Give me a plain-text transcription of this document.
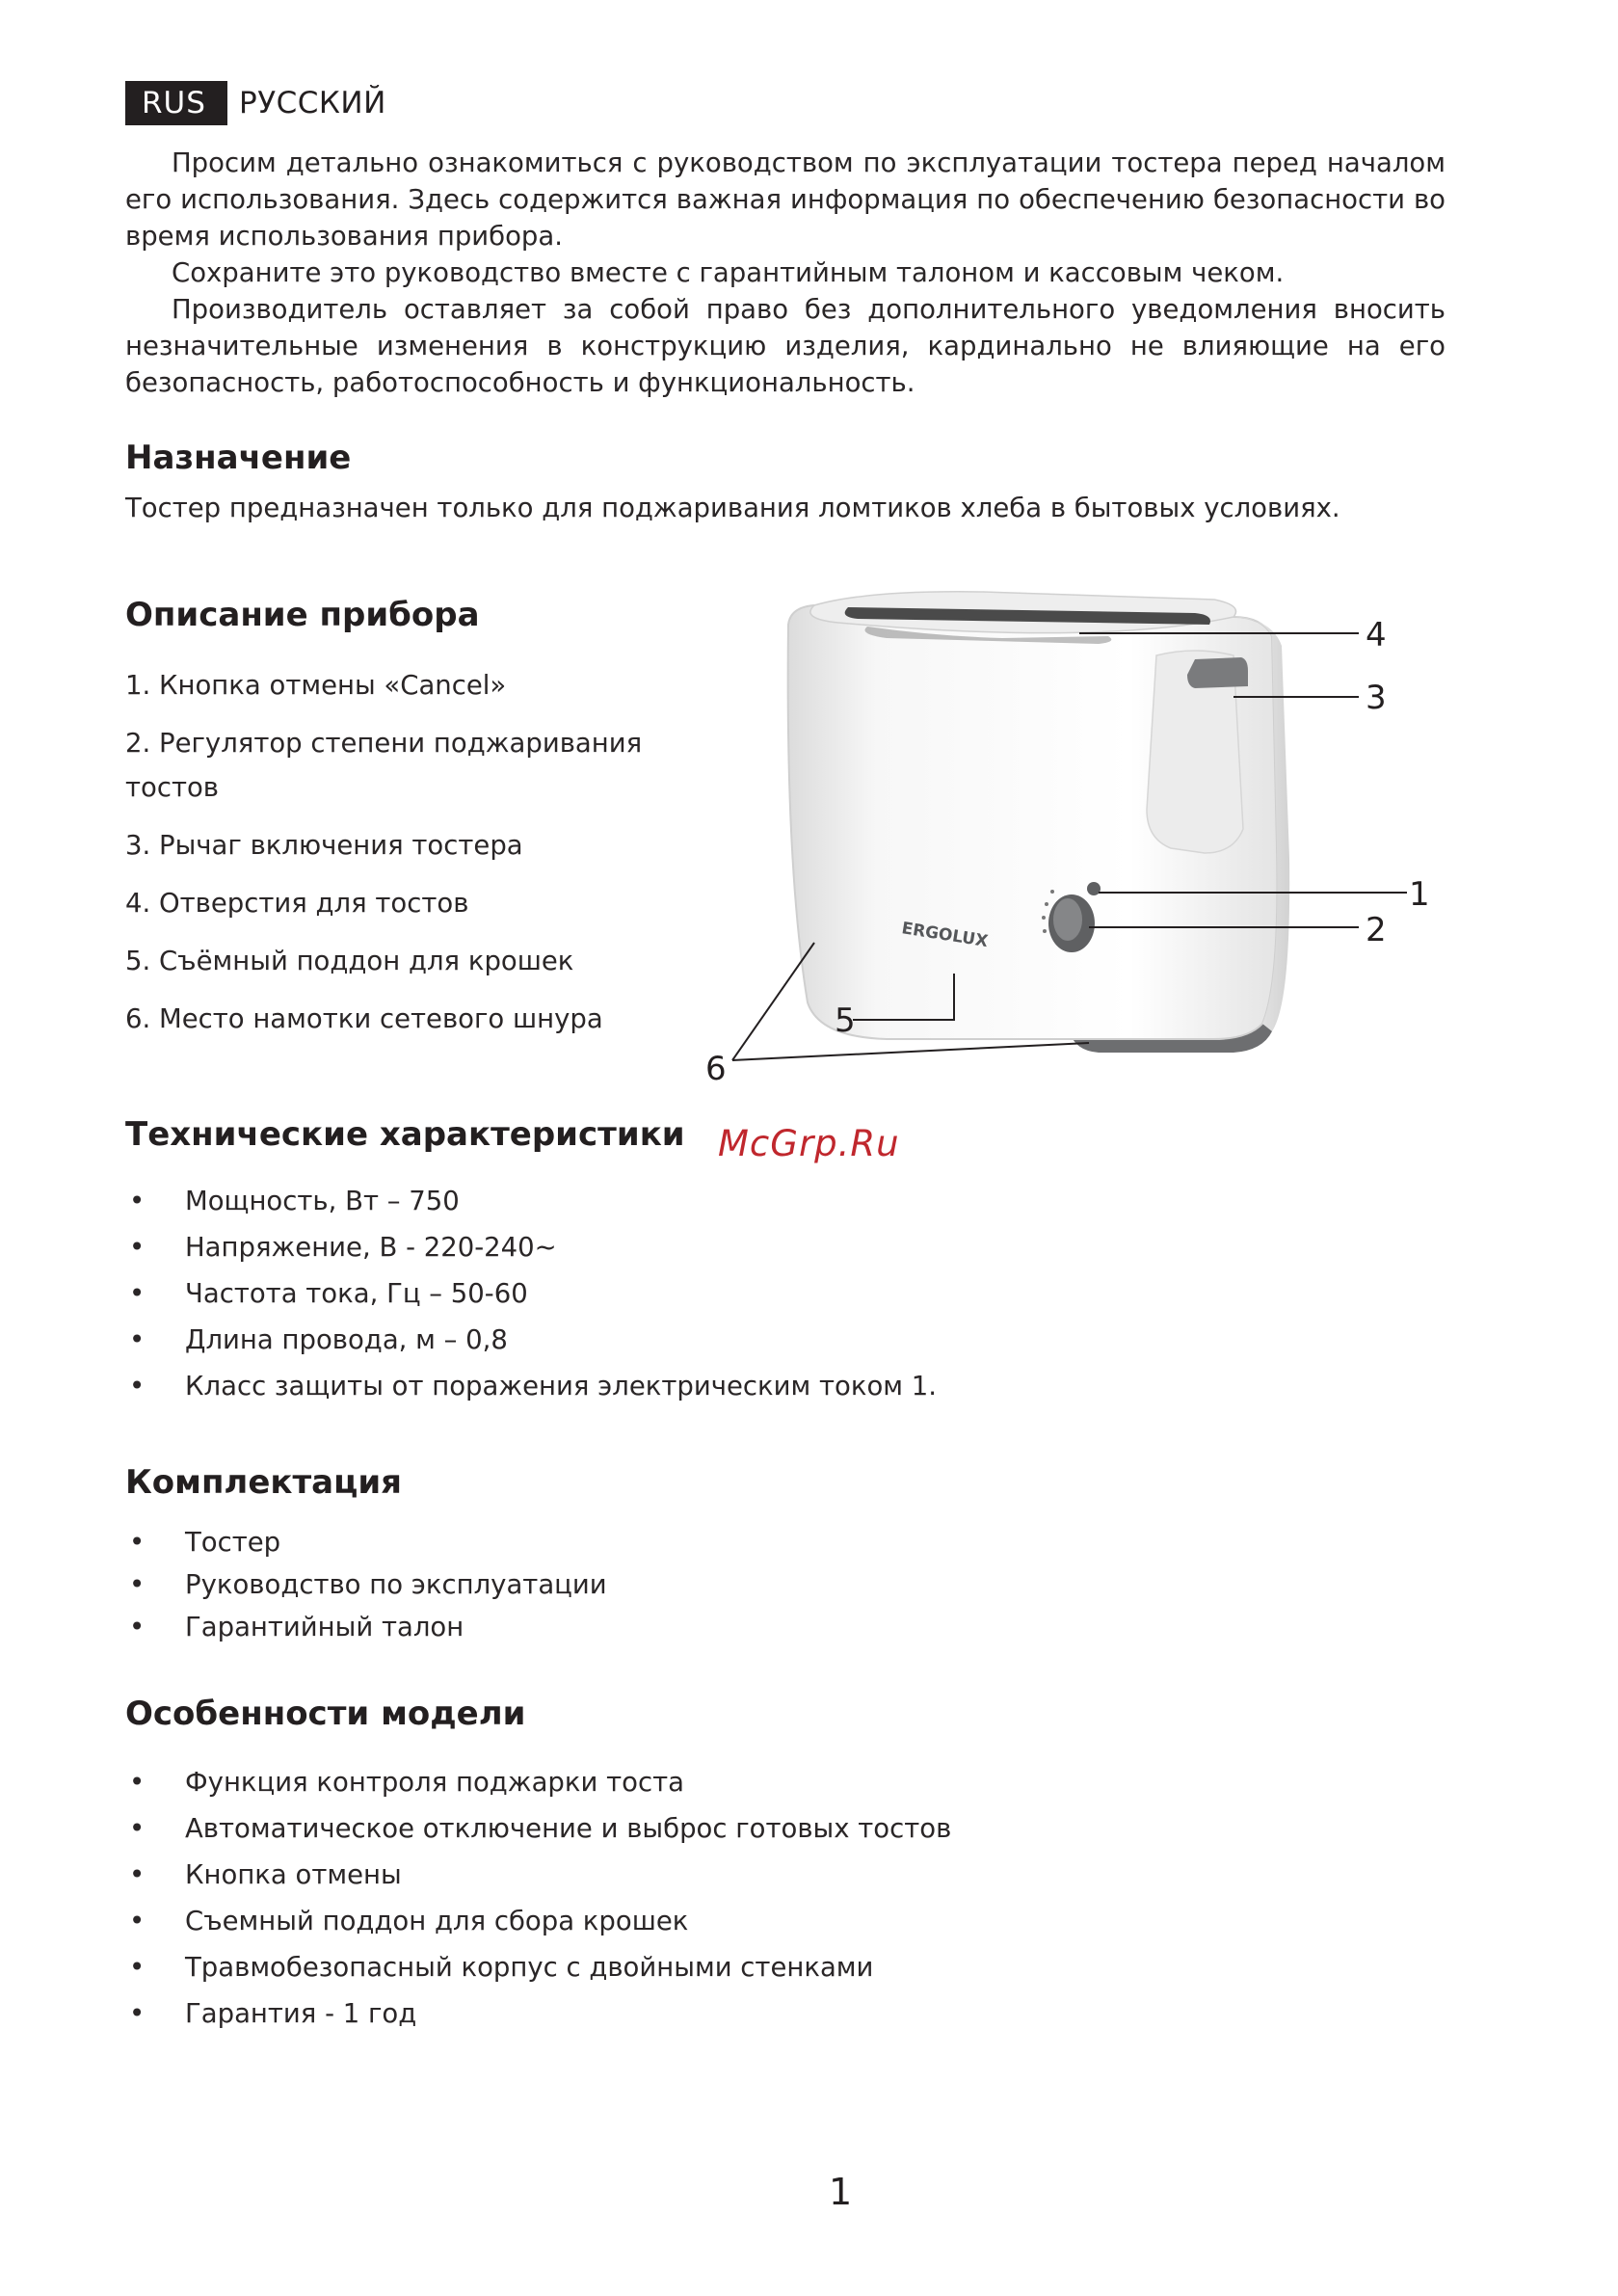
RUS	РУССКИЙ

Просим детально ознакомиться с руководством по эксплуатации тостера перед началом его использования. Здесь содержится важная информация по обеспечению безопасности во время использования прибора.

Сохраните это руководство вместе с гарантийным талоном и кассовым чеком.

Производитель оставляет за собой право без дополнительного уведомления вносить незначительные изменения в конструкцию изделия, кардинально не влияющие на его безопасность, работоспособность и функциональность.

Назначение

Тостер предназначен только для поджаривания ломтиков хлеба в бытовых условиях.

Описание прибора
1. Кнопка отмены «Cancel»
2. Регулятор степени поджаривания тостов
3. Рычаг включения тостера
4. Отверстия для тостов
5. Съёмный поддон для крошек
6. Место намотки сетевого шнура
ERGOLUX
4
3
1
2
5
6
Технические характеристики McGrp.Ru
• Мощность, Вт – 750
• Напряжение, В - 220-240~
• Частота тока, Гц – 50-60
• Длина провода, м – 0,8
• Класс защиты от поражения электрическим током 1.
Комплектация
• Тостер
• Руководство по эксплуатации
• Гарантийный талон
Особенности модели
• Функция контроля поджарки тоста
• Автоматическое отключение и выброс готовых тостов
• Кнопка отмены
• Съемный поддон для сбора крошек
• Травмобезопасный корпус с двойными стенками
• Гарантия - 1 год
1
